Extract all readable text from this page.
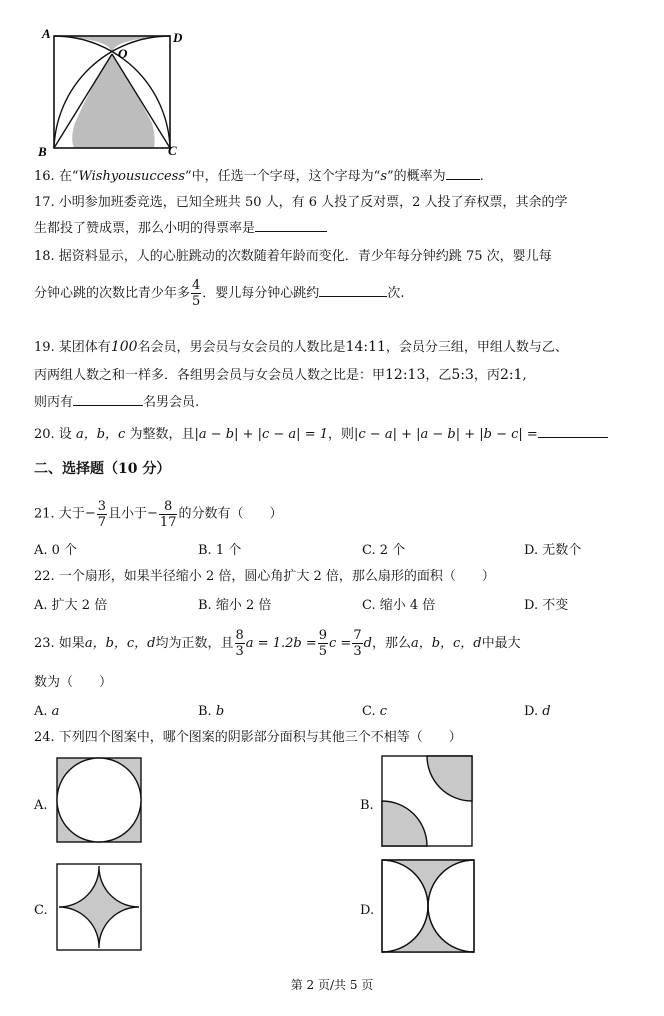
A	D
O
B	C
16. 在“Wishyousuccess”中，任选一个字母，这个字母为“s”的概率为	.
17. 小明参加班委竞选，已知全班共 50 人，有 6 人投了反对票，2 人投了弃权票，其余的学
生都投了赞成票，那么小明的得票率是
18. 据资料显示，人的心脏跳动的次数随着年龄而变化．青少年每分钟约跳 75 次，婴儿每
分钟心跳的次数比青少年多 $\frac{4}{5}$ ．婴儿每分钟心跳约	次.
19. 某团体有100名会员，男会员与女会员的人数比是14:11，会员分三组，甲组人数与乙、
丙两组人数之和一样多．各组男会员与女会员人数之比是：甲12:13，乙5:3，丙2:1,
则丙有	名男会员.
20. 设 a，b，c 为整数，且|a − b| + |c − a| = 1，则|c − a| + |a − b| + |b − c| =
二、选择题（10 分）
21. 大于− $\frac{3}{7}$ 且小于− $\frac{8}{17}$ 的分数有（　　）
A. 0 个	B. 1 个	C. 2 个	D. 无数个
22. 一个扇形，如果半径缩小 2 倍，圆心角扩大 2 倍，那么扇形的面积（　　）
A. 扩大 2 倍	B. 缩小 2 倍	C. 缩小 4 倍	D. 不变
23. 如果a，b，c，d均为正数，且 $\frac{8}{3}$ $a = 1.2b = \frac{9}{5}$ $c = \frac{7}{3}$ d，那么a，b，c，d中最大
数为（　　）
A. a	B. b	C. c	D. d
24. 下列四个图案中，哪个图案的阴影部分面积与其他三个不相等（　　）
A.	B.
C.	D.
第 2 页/共 5 页
